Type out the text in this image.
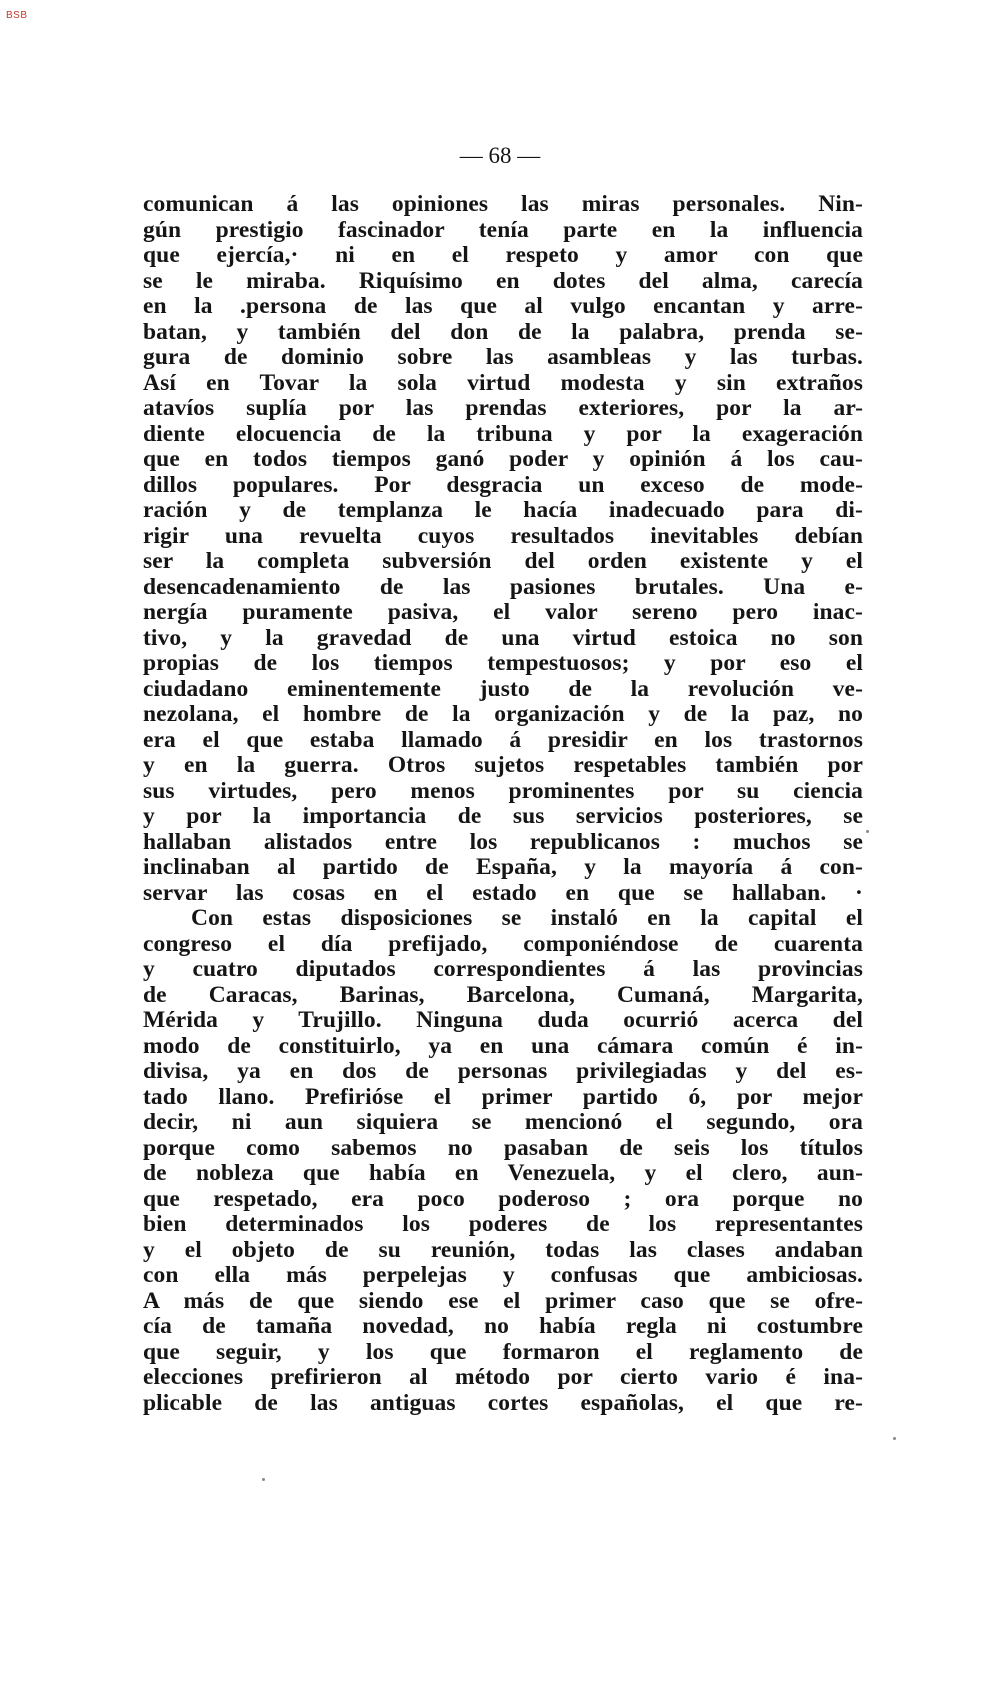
BSB
— 68 —
comunican á las opiniones las miras personales. Nin-
gún prestigio fascinador tenía parte en la influencia
que ejercía,· ni en el respeto y amor con que
se le miraba. Riquísimo en dotes del alma, carecía
en la .persona de las que al vulgo encantan y arre-
batan, y también del don de la palabra, prenda se-
gura de dominio sobre las asambleas y las turbas.
Así en Tovar la sola virtud modesta y sin extraños
atavíos suplía por las prendas exteriores, por la ar-
diente elocuencia de la tribuna y por la exageración
que en todos tiempos ganó poder y opinión á los cau-
dillos populares. Por desgracia un exceso de mode-
ración y de templanza le hacía inadecuado para di-
rigir una revuelta cuyos resultados inevitables debían
ser la completa subversión del orden existente y el
desencadenamiento de las pasiones brutales. Una e-
nergía puramente pasiva, el valor sereno pero inac-
tivo, y la gravedad de una virtud estoica no son
propias de los tiempos tempestuosos; y por eso el
ciudadano eminentemente justo de la revolución ve-
nezolana, el hombre de la organización y de la paz, no
era el que estaba llamado á presidir en los trastornos
y en la guerra. Otros sujetos respetables también por
sus virtudes, pero menos prominentes por su ciencia
y por la importancia de sus servicios posteriores, se
hallaban alistados entre los republicanos : muchos se
inclinaban al partido de España, y la mayoría á con-
servar las cosas en el estado en que se hallaban. ·
Con estas disposiciones se instaló en la capital el
congreso el día prefijado, componiéndose de cuarenta
y cuatro diputados correspondientes á las provincias
de Caracas, Barinas, Barcelona, Cumaná, Margarita,
Mérida y Trujillo. Ninguna duda ocurrió acerca del
modo de constituirlo, ya en una cámara común é in-
divisa, ya en dos de personas privilegiadas y del es-
tado llano. Prefirióse el primer partido ó, por mejor
decir, ni aun siquiera se mencionó el segundo, ora
porque como sabemos no pasaban de seis los títulos
de nobleza que había en Venezuela, y el clero, aun-
que respetado, era poco poderoso ; ora porque no
bien determinados los poderes de los representantes
y el objeto de su reunión, todas las clases andaban
con ella más perpelejas y confusas que ambiciosas.
A más de que siendo ese el primer caso que se ofre-
cía de tamaña novedad, no había regla ni costumbre
que seguir, y los que formaron el reglamento de
elecciones prefirieron al método por cierto vario é ina-
plicable de las antiguas cortes españolas, el que re-
